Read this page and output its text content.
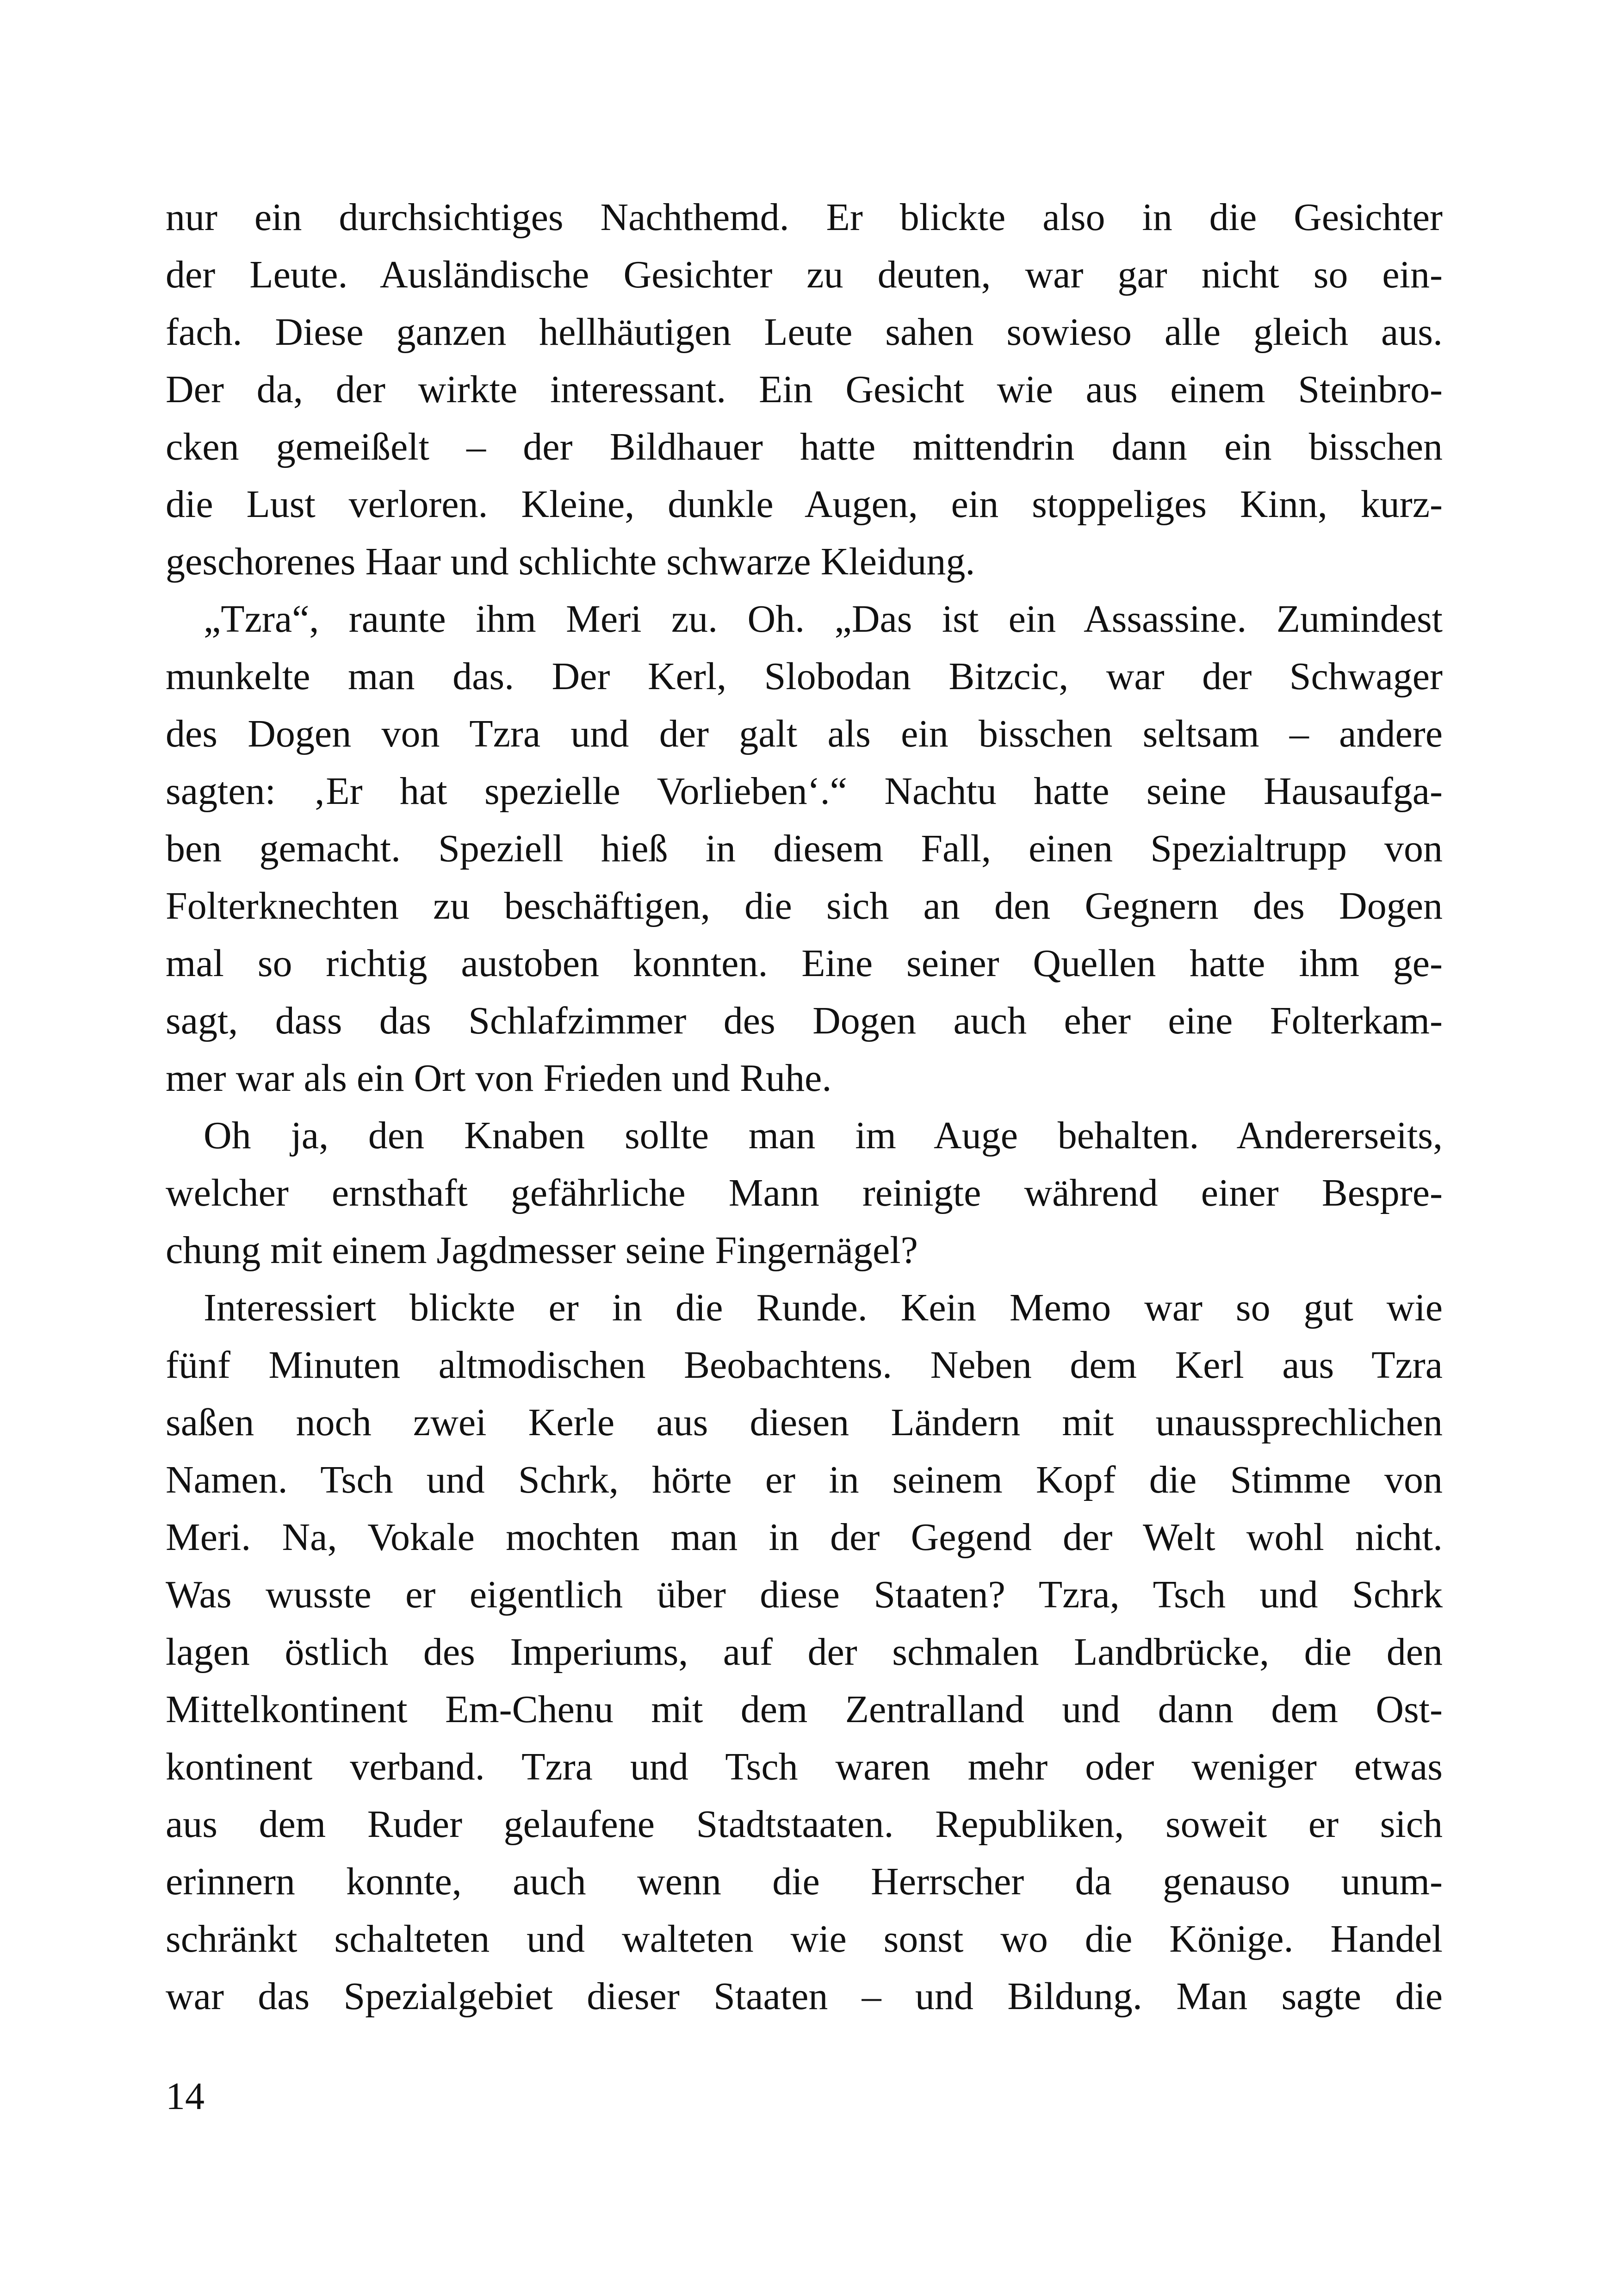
nur ein durchsichtiges Nachthemd. Er blickte also in die Gesichter
der Leute. Ausländische Gesichter zu deuten, war gar nicht so ein-
fach. Diese ganzen hellhäutigen Leute sahen sowieso alle gleich aus.
Der da, der wirkte interessant. Ein Gesicht wie aus einem Steinbro-
cken gemeißelt – der Bildhauer hatte mittendrin dann ein bisschen
die Lust verloren. Kleine, dunkle Augen, ein stoppeliges Kinn, kurz-
geschorenes Haar und schlichte schwarze Kleidung.
„Tzra“, raunte ihm Meri zu. Oh. „Das ist ein Assassine. Zumindest
munkelte man das. Der Kerl, Slobodan Bitzcic, war der Schwager
des Dogen von Tzra und der galt als ein bisschen seltsam – andere
sagten: ‚Er hat spezielle Vorlieben‘.“ Nachtu hatte seine Hausaufga-
ben gemacht. Speziell hieß in diesem Fall, einen Spezialtrupp von
Folterknechten zu beschäftigen, die sich an den Gegnern des Dogen
mal so richtig austoben konnten. Eine seiner Quellen hatte ihm ge-
sagt, dass das Schlafzimmer des Dogen auch eher eine Folterkam-
mer war als ein Ort von Frieden und Ruhe.
Oh ja, den Knaben sollte man im Auge behalten. Andererseits,
welcher ernsthaft gefährliche Mann reinigte während einer Bespre-
chung mit einem Jagdmesser seine Fingernägel?
Interessiert blickte er in die Runde. Kein Memo war so gut wie
fünf Minuten altmodischen Beobachtens. Neben dem Kerl aus Tzra
saßen noch zwei Kerle aus diesen Ländern mit unaussprechlichen
Namen. Tsch und Schrk, hörte er in seinem Kopf die Stimme von
Meri. Na, Vokale mochten man in der Gegend der Welt wohl nicht.
Was wusste er eigentlich über diese Staaten? Tzra, Tsch und Schrk
lagen östlich des Imperiums, auf der schmalen Landbrücke, die den
Mittelkontinent Em-Chenu mit dem Zentralland und dann dem Ost-
kontinent verband. Tzra und Tsch waren mehr oder weniger etwas
aus dem Ruder gelaufene Stadtstaaten. Republiken, soweit er sich
erinnern konnte, auch wenn die Herrscher da genauso unum-
schränkt schalteten und walteten wie sonst wo die Könige. Handel
war das Spezialgebiet dieser Staaten – und Bildung. Man sagte die
14
